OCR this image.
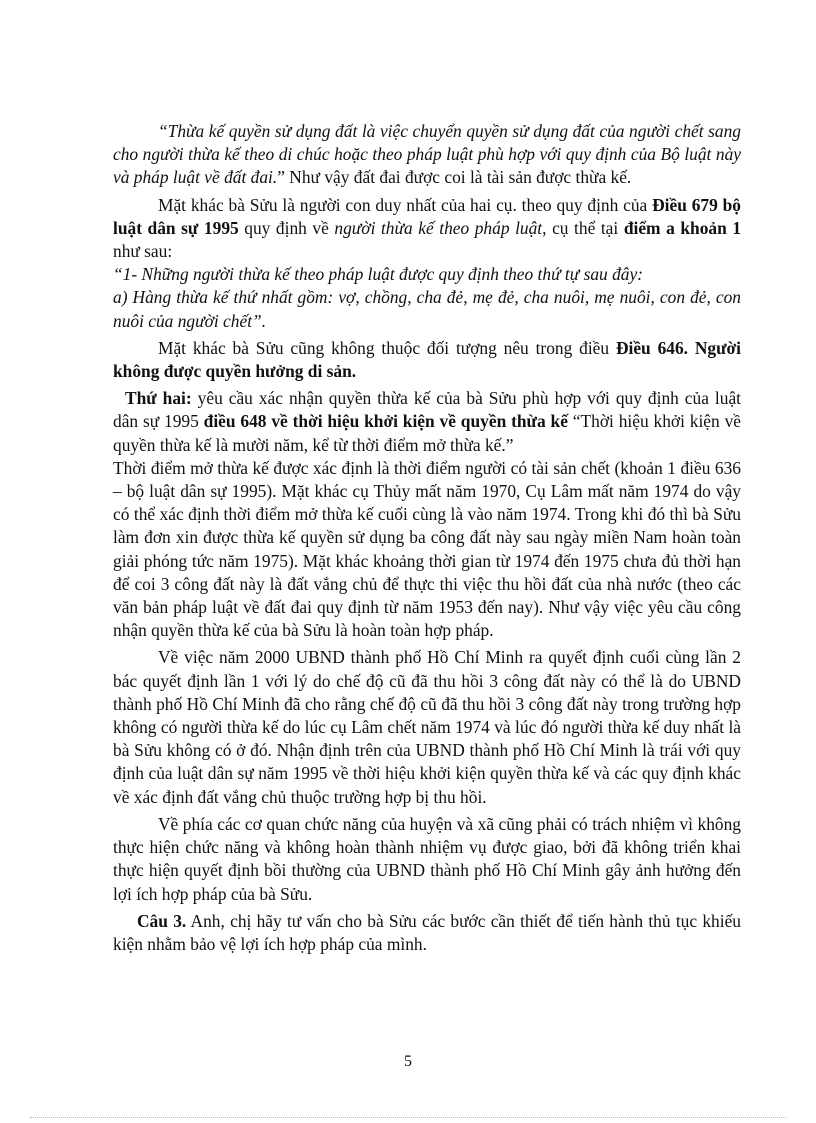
“Thừa kế quyền sử dụng đất là việc chuyển quyền sử dụng đất của người chết sang cho người thừa kế theo di chúc hoặc theo pháp luật phù hợp với quy định của Bộ luật này và pháp luật về đất đai.” Như vậy đất đai được coi là tài sản được thừa kế.

Mặt khác bà Sửu là người con duy nhất của hai cụ. theo quy định của Điều 679 bộ luật dân sự 1995 quy định về người thừa kế theo pháp luật, cụ thể tại điểm a khoản 1 như sau:

“1- Những người thừa kế theo pháp luật được quy định theo thứ tự sau đây:

a) Hàng thừa kế thứ nhất gồm: vợ, chồng, cha đẻ, mẹ đẻ, cha nuôi, mẹ nuôi, con đẻ, con nuôi của người chết”.

Mặt khác bà Sửu cũng không thuộc đối tượng nêu trong điều Điều 646. Người không được quyền hưởng di sản.

Thứ hai: yêu cầu xác nhận quyền thừa kế của bà Sửu phù hợp với quy định của luật dân sự 1995 điều 648 về thời hiệu khởi kiện về quyền thừa kế “Thời hiệu khởi kiện về quyền thừa kế là mười năm, kể từ thời điểm mở thừa kế.”

Thời điểm mở thừa kế được xác định là thời điểm người có tài sản chết (khoản 1 điều 636 – bộ luật dân sự 1995). Mặt khác cụ Thủy mất năm 1970, Cụ Lâm mất năm 1974 do vậy có thể xác định thời điểm mở thừa kế cuối cùng là vào năm 1974. Trong khi đó thì bà Sửu làm đơn xin được thừa kế quyền sử dụng ba công đất này sau ngày miền Nam hoàn toàn giải phóng tức năm 1975). Mặt khác khoảng thời gian từ 1974 đến 1975 chưa đủ thời hạn để coi 3 công đất này là đất vắng chủ để thực thi việc thu hồi đất của nhà nước (theo các văn bản pháp luật về đất đai quy định từ năm 1953 đến nay). Như vậy việc yêu cầu công nhận quyền thừa kế của bà Sửu là hoàn toàn hợp pháp.

Về việc năm 2000 UBND thành phố Hồ Chí Minh ra quyết định cuối cùng lần 2 bác quyết định lần 1 với lý do chế độ cũ đã thu hồi 3 công đất này có thể là do UBND thành phố Hồ Chí Minh đã cho rằng chế độ cũ đã thu hồi 3 công đất này trong trường hợp không có người thừa kế do lúc cụ Lâm chết năm 1974 và lúc đó người thừa kế duy nhất là bà Sửu không có ở đó. Nhận định trên của UBND thành phố Hồ Chí Minh là trái với quy định của luật dân sự năm 1995 về thời hiệu khởi kiện quyền thừa kế và các quy định khác về xác định đất vắng chủ thuộc trường hợp bị thu hồi.

Về phía các cơ quan chức năng của huyện và xã cũng phải có trách nhiệm vì không thực hiện chức năng và không hoàn thành nhiệm vụ được giao, bởi đã không triển khai thực hiện quyết định bồi thường của UBND thành phố Hồ Chí Minh gây ảnh hưởng đến lợi ích hợp pháp của bà Sửu.

Câu 3. Anh, chị hãy tư vấn cho bà Sửu các bước cần thiết để tiến hành thủ tục khiếu kiện nhằm bảo vệ lợi ích hợp pháp của mình.

5
